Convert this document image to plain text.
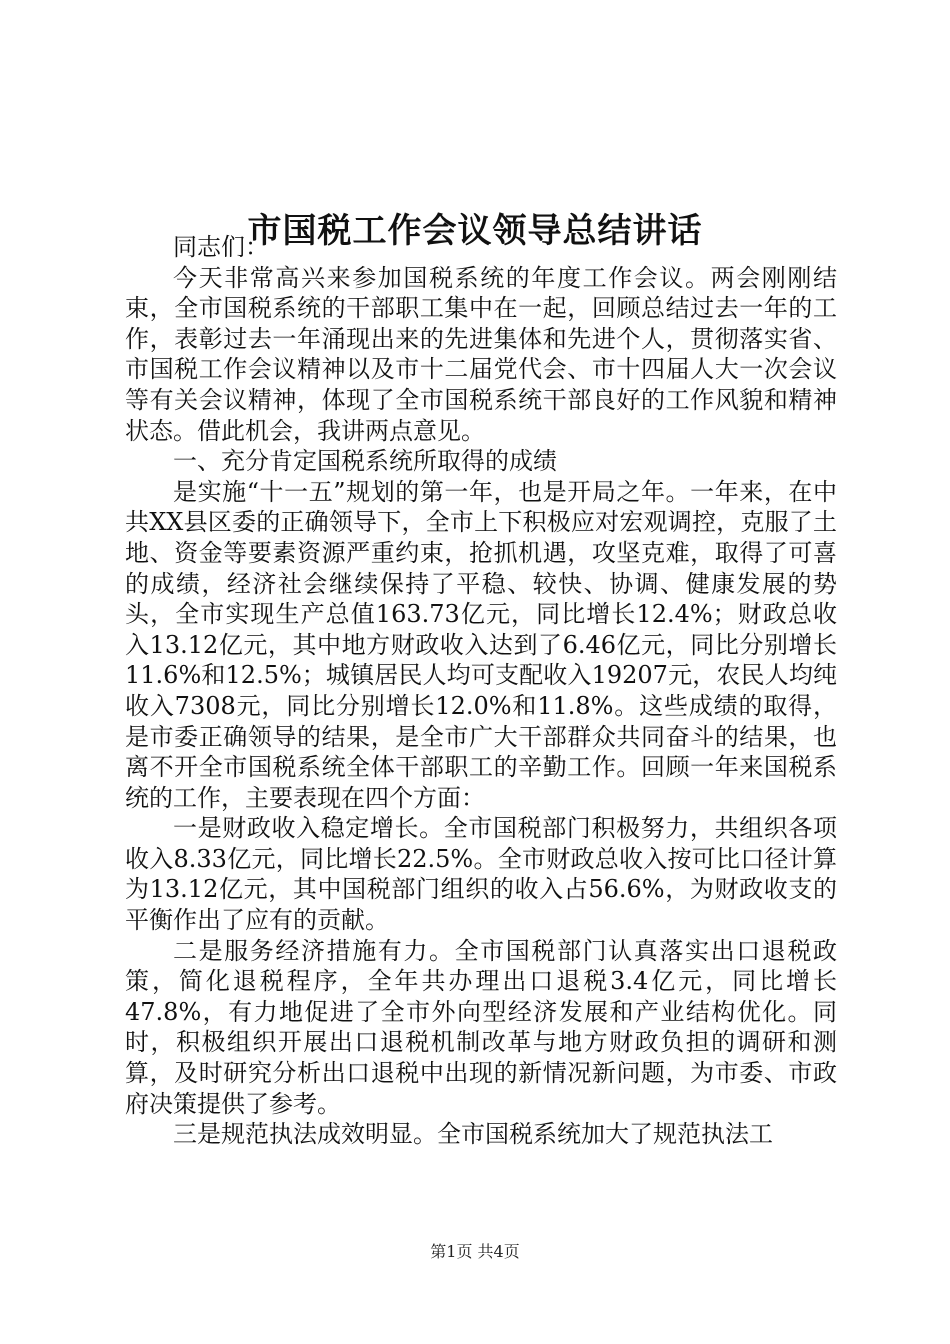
市国税工作会议领导总结讲话

同志们：

今天非常高兴来参加国税系统的年度工作会议。两会刚刚结束，全市国税系统的干部职工集中在一起，回顾总结过去一年的工作，表彰过去一年涌现出来的先进集体和先进个人，贯彻落实省、市国税工作会议精神以及市十二届党代会、市十四届人大一次会议等有关会议精神，体现了全市国税系统干部良好的工作风貌和精神状态。借此机会，我讲两点意见。

一、充分肯定国税系统所取得的成绩

是实施“十一五”规划的第一年，也是开局之年。一年来，在中共XX县区委的正确领导下，全市上下积极应对宏观调控，克服了土地、资金等要素资源严重约束，抢抓机遇，攻坚克难，取得了可喜的成绩，经济社会继续保持了平稳、较快、协调、健康发展的势头，全市实现生产总值163.73亿元，同比增长12.4%；财政总收入13.12亿元，其中地方财政收入达到了6.46亿元，同比分别增长11.6%和12.5%；城镇居民人均可支配收入19207元，农民人均纯收入7308元，同比分别增长12.0%和11.8%。这些成绩的取得，是市委正确领导的结果，是全市广大干部群众共同奋斗的结果，也离不开全市国税系统全体干部职工的辛勤工作。回顾一年来国税系统的工作，主要表现在四个方面：

一是财政收入稳定增长。全市国税部门积极努力，共组织各项收入8.33亿元，同比增长22.5%。全市财政总收入按可比口径计算为13.12亿元，其中国税部门组织的收入占56.6%，为财政收支的平衡作出了应有的贡献。

二是服务经济措施有力。全市国税部门认真落实出口退税政策，简化退税程序，全年共办理出口退税3.4亿元，同比增长47.8%，有力地促进了全市外向型经济发展和产业结构优化。同时，积极组织开展出口退税机制改革与地方财政负担的调研和测算，及时研究分析出口退税中出现的新情况新问题，为市委、市政府决策提供了参考。

三是规范执法成效明显。全市国税系统加大了规范执法工

第1页 共4页
